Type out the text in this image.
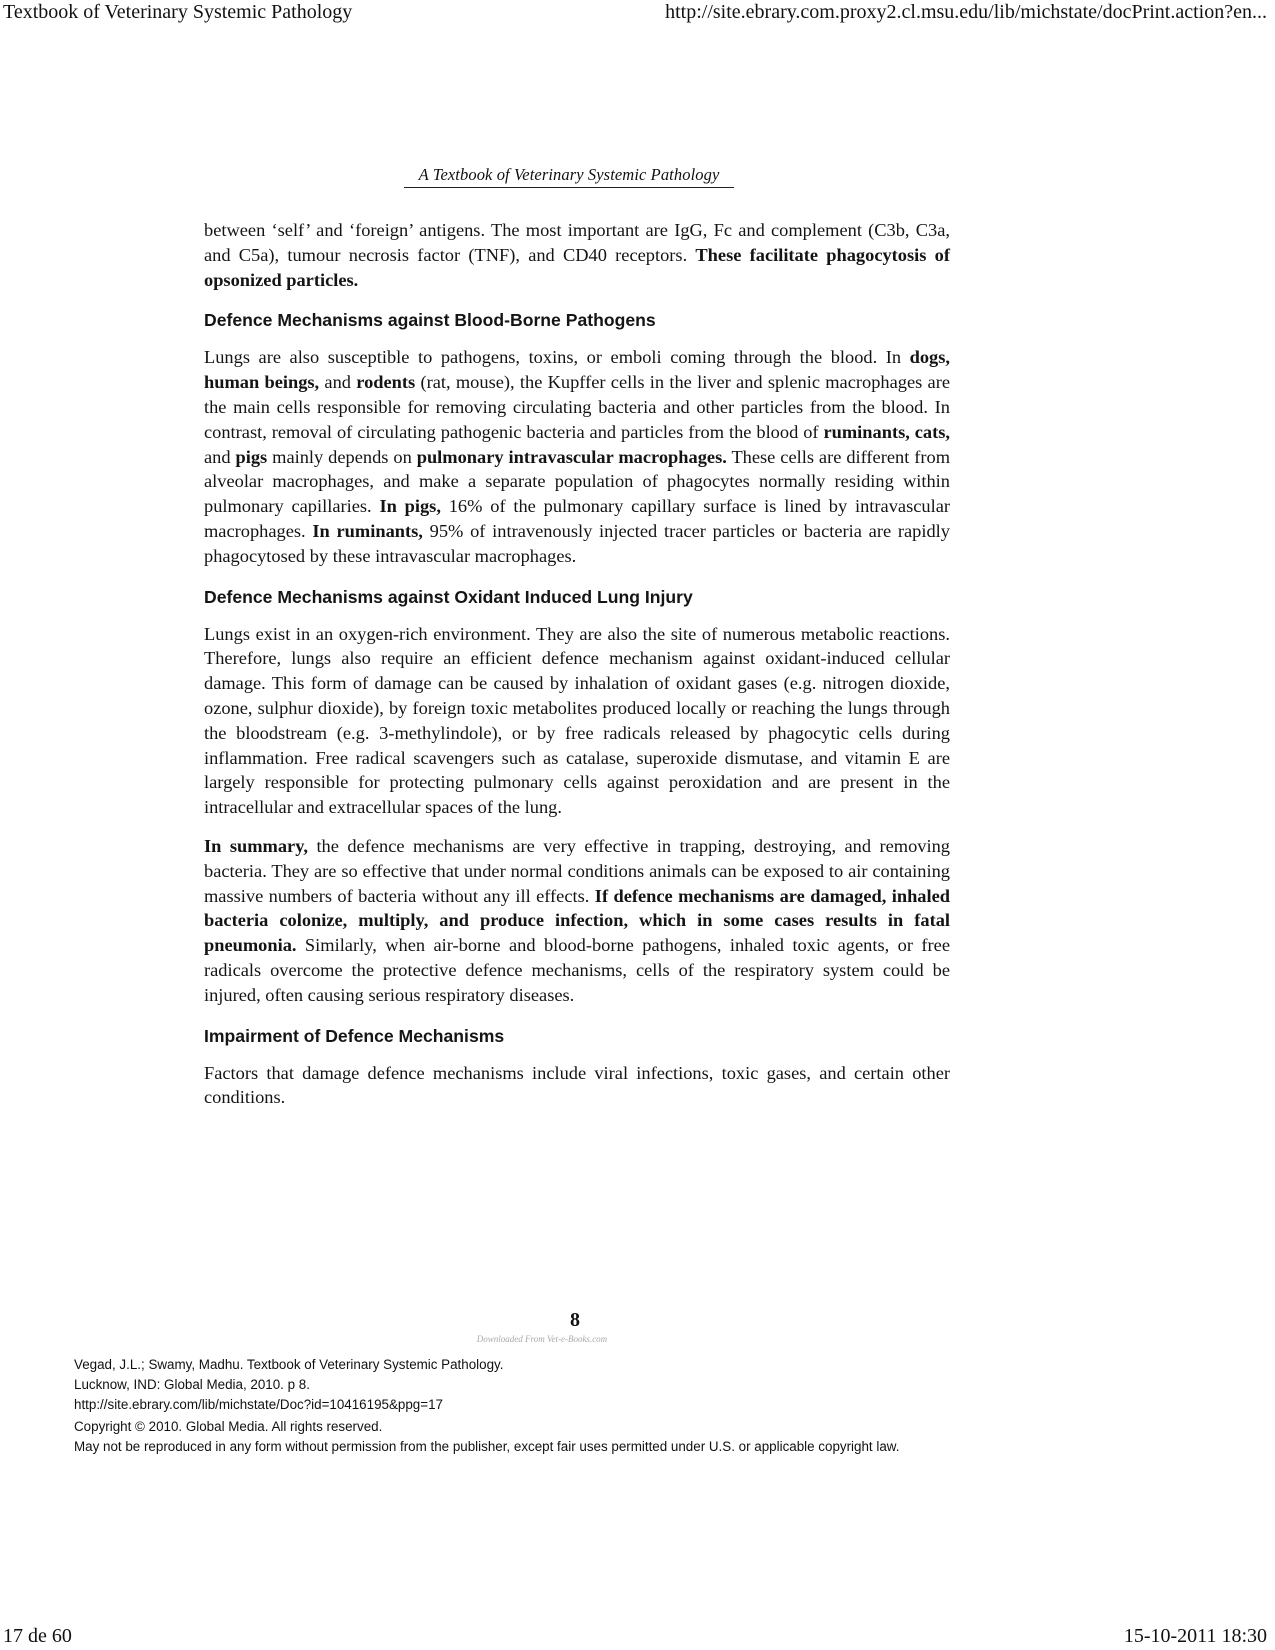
Textbook of Veterinary Systemic Pathology	http://site.ebrary.com.proxy2.cl.msu.edu/lib/michstate/docPrint.action?en...
A Textbook of Veterinary Systemic Pathology

between ‘self’ and ‘foreign’ antigens. The most important are IgG, Fc and complement (C3b, C3a, and C5a), tumour necrosis factor (TNF), and CD40 receptors. These facilitate phagocytosis of opsonized particles.

Defence Mechanisms against Blood-Borne Pathogens

Lungs are also susceptible to pathogens, toxins, or emboli coming through the blood. In dogs, human beings, and rodents (rat, mouse), the Kupffer cells in the liver and splenic macrophages are the main cells responsible for removing circulating bacteria and other particles from the blood. In contrast, removal of circulating pathogenic bacteria and particles from the blood of ruminants, cats, and pigs mainly depends on pulmonary intravascular macrophages. These cells are different from alveolar macrophages, and make a separate population of phagocytes normally residing within pulmonary capillaries. In pigs, 16% of the pulmonary capillary surface is lined by intravascular macrophages. In ruminants, 95% of intravenously injected tracer particles or bacteria are rapidly phagocytosed by these intravascular macrophages.

Defence Mechanisms against Oxidant Induced Lung Injury

Lungs exist in an oxygen-rich environment. They are also the site of numerous metabolic reactions. Therefore, lungs also require an efficient defence mechanism against oxidant-induced cellular damage. This form of damage can be caused by inhalation of oxidant gases (e.g. nitrogen dioxide, ozone, sulphur dioxide), by foreign toxic metabolites produced locally or reaching the lungs through the bloodstream (e.g. 3-methylindole), or by free radicals released by phagocytic cells during inflammation. Free radical scavengers such as catalase, superoxide dismutase, and vitamin E are largely responsible for protecting pulmonary cells against peroxidation and are present in the intracellular and extracellular spaces of the lung.

In summary, the defence mechanisms are very effective in trapping, destroying, and removing bacteria. They are so effective that under normal conditions animals can be exposed to air containing massive numbers of bacteria without any ill effects. If defence mechanisms are damaged, inhaled bacteria colonize, multiply, and produce infection, which in some cases results in fatal pneumonia. Similarly, when air-borne and blood-borne pathogens, inhaled toxic agents, or free radicals overcome the protective defence mechanisms, cells of the respiratory system could be injured, often causing serious respiratory diseases.

Impairment of Defence Mechanisms

Factors that damage defence mechanisms include viral infections, toxic gases, and certain other conditions.

8
Downloaded From Vet-e-Books.com
Vegad, J.L.; Swamy, Madhu. Textbook of Veterinary Systemic Pathology.
Lucknow, IND: Global Media, 2010. p 8.
http://site.ebrary.com/lib/michstate/Doc?id=10416195&ppg=17
Copyright © 2010. Global Media. All rights reserved.
May not be reproduced in any form without permission from the publisher, except fair uses permitted under U.S. or applicable copyright law.
17 de 60	15-10-2011 18:30
